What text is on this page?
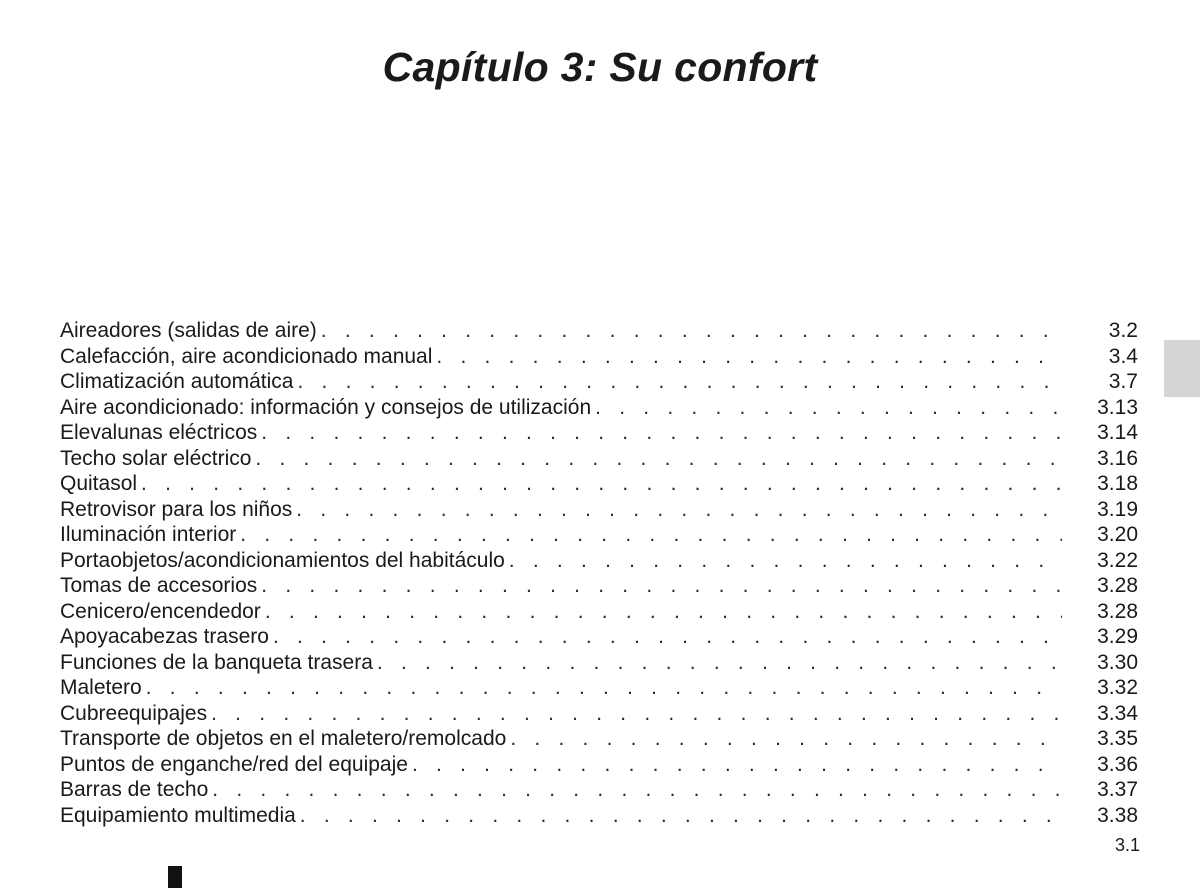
Capítulo 3: Su confort
Aireadores (salidas de aire) . . .	3.2
Calefacción, aire acondicionado manual . . .	3.4
Climatización automática . . .	3.7
Aire acondicionado: información y consejos de utilización . . .	3.13
Elevalunas eléctricos . . .	3.14
Techo solar eléctrico . . .	3.16
Quitasol . . .	3.18
Retrovisor para los niños . . .	3.19
Iluminación interior . . .	3.20
Portaobjetos/acondicionamientos del habitáculo . . .	3.22
Tomas de accesorios . . .	3.28
Cenicero/encendedor . . .	3.28
Apoyacabezas trasero . . .	3.29
Funciones de la banqueta trasera . . .	3.30
Maletero . . .	3.32
Cubreequipajes . . .	3.34
Transporte de objetos en el maletero/remolcado . . .	3.35
Puntos de enganche/red del equipaje . . .	3.36
Barras de techo . . .	3.37
Equipamiento multimedia . . .	3.38
3.1
